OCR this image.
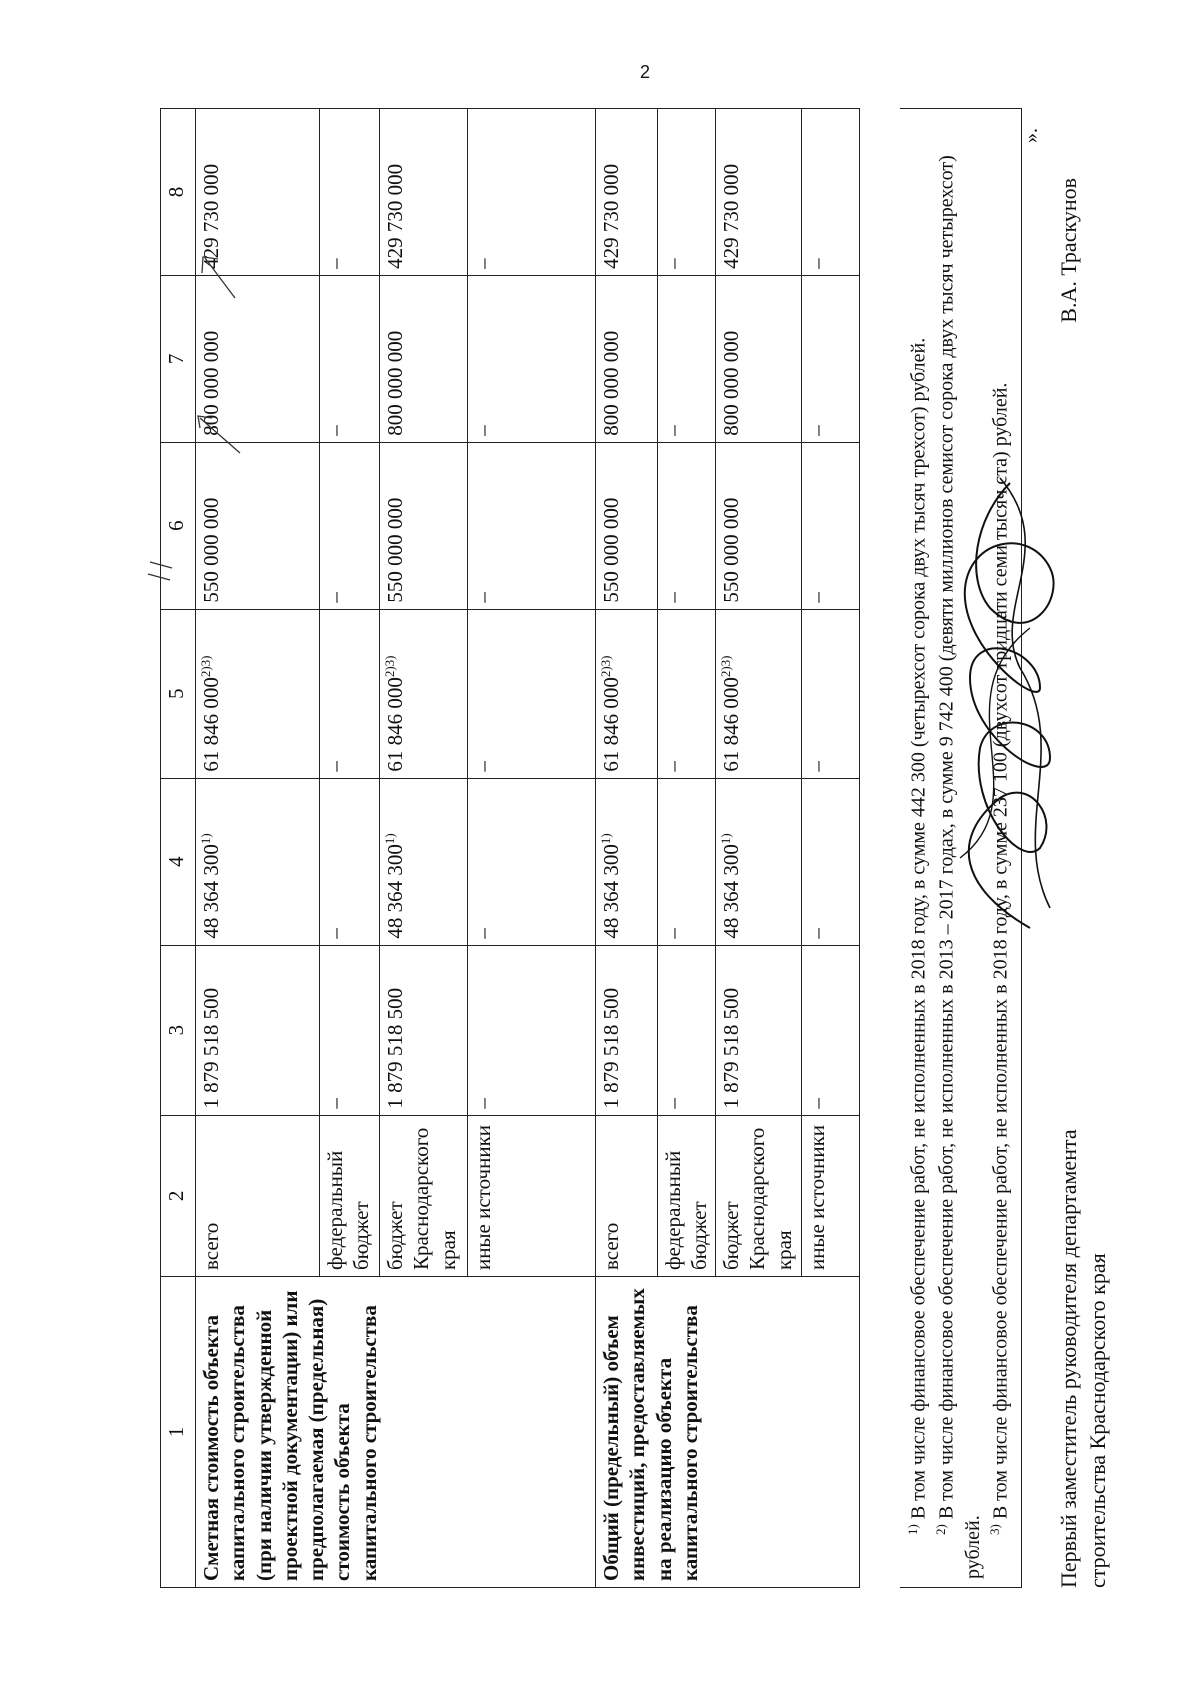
2
1	2	3	4	5	6	7	8
Сметная стоимость объекта капитального строительства (при наличии утвержденной проектной документации) или предполагаемая (предельная) стоимость объекта капитального строительства	всего	1 879 518 500	48 364 300$^{1)}$	61 846 $000^{2)3)}$	550 000 000	800 000 000	429 730 000
	федеральный бюджет	–	–	–	–	–	–
	бюджет Краснодарского края	1 879 518 500	48 364 300$^{1)}$	61 846 $000^{2)3)}$	550 000 000	800 000 000	429 730 000
	иные источники	–	–	–	–	–	–
Общий (предельный) объем инвестиций, предоставляемых на реализацию объекта капитального строительства	всего	1 879 518 500	48 364 300$^{1)}$	61 846 $000^{2)3)}$	550 000 000	800 000 000	429 730 000
	федеральный бюджет	–	–	–	–	–	–
	бюджет Краснодарского края	1 879 518 500	48 364 300$^{1)}$	61 846 $000^{2)3)}$	550 000 000	800 000 000	429 730 000
	иные источники	–	–	–	–	–	–

$^{1)}$ В том числе финансовое обеспечение работ, не исполненных в 2018 году, в сумме 442 300 (четырехсот сорока двух тысяч трехсот) рублей.

$^{2)}$ В том числе финансовое обеспечение работ, не исполненных в 2013 – 2017 годах, в сумме 9 742 400 (девяти миллионов семисот сорока двух тысяч четырехсот) рублей. $^{3)}$ В том числе финансовое обеспечение работ, не исполненных в 2018 году, в сумме 237 100 (двухсот тридцати семи тысяч ста) рублей.

».
Первый заместитель руководителя департамента строительства Краснодарского края
В.А. Траскунов
